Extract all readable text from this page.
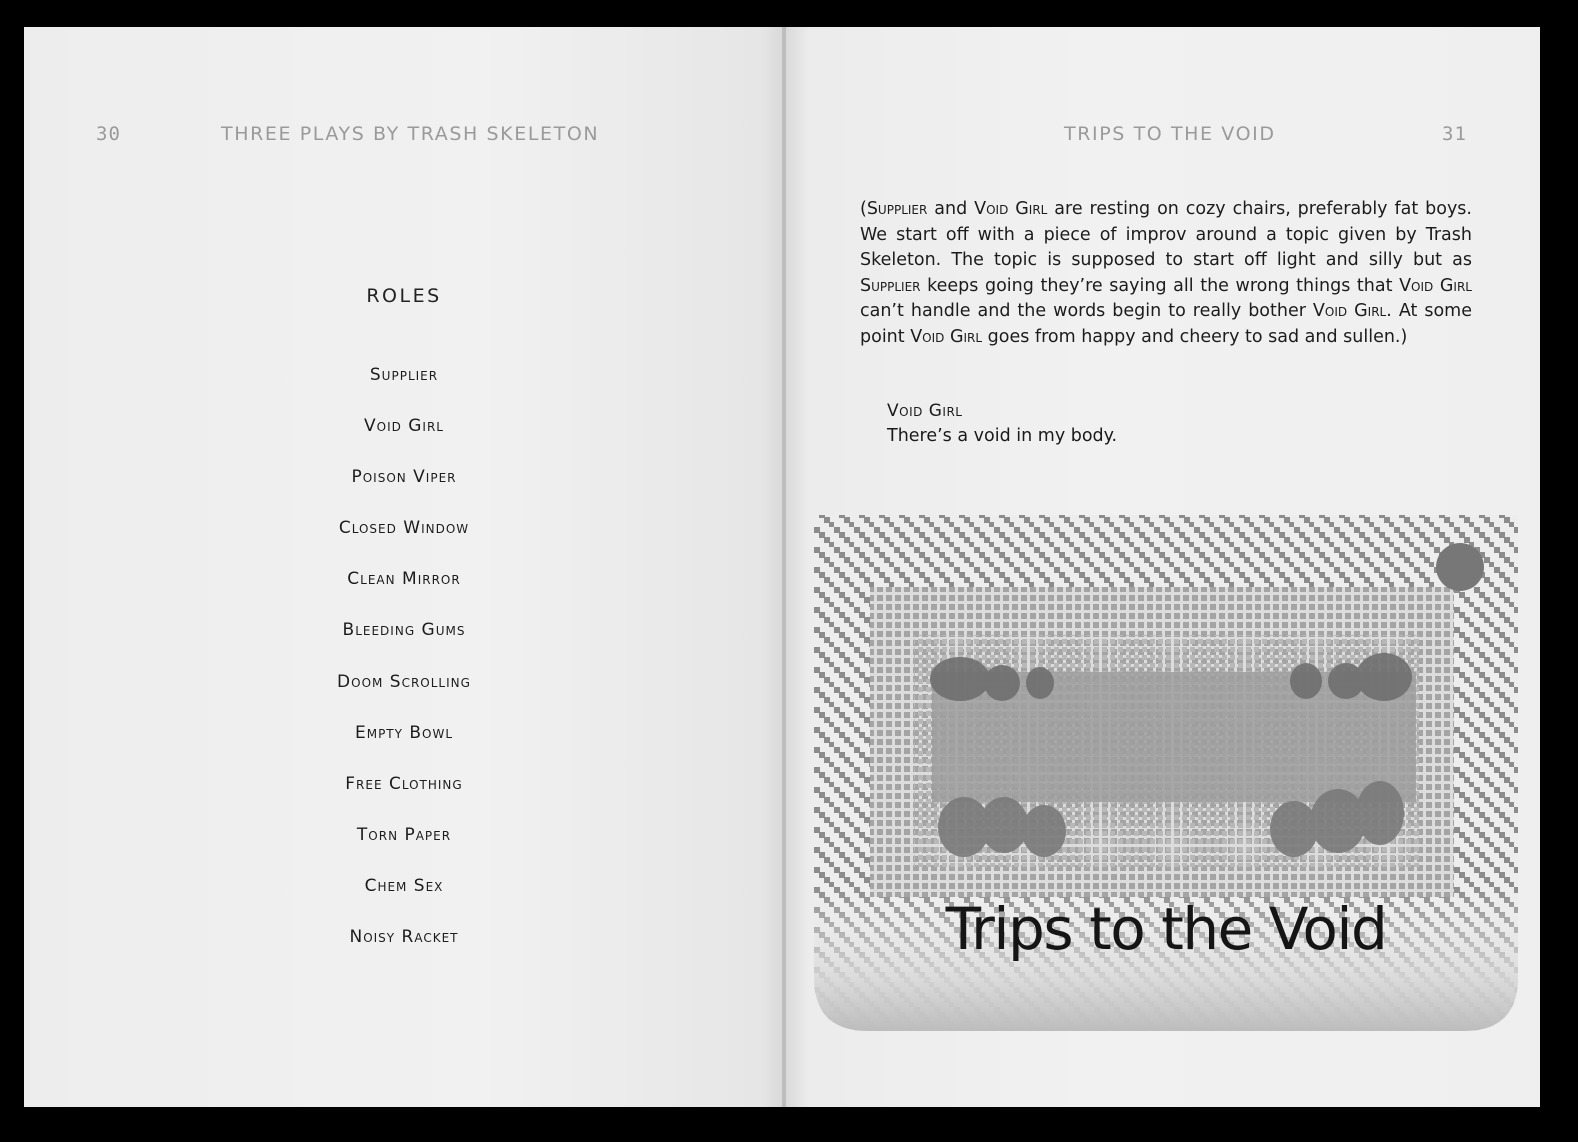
30	THREE PLAYS BY TRASH SKELETON
ROLES
Supplier
Void Girl
Poison Viper
Closed Window
Clean Mirror
Bleeding Gums
Doom Scrolling
Empty Bowl
Free Clothing
Torn Paper
Chem Sex
Noisy Racket
TRIPS TO THE VOID	31

(Supplier and Void Girl are resting on cozy chairs, preferably fat boys. We start off with a piece of improv around a topic given by Trash Skeleton. The topic is supposed to start off light and silly but as Supplier keeps going they’re saying all the wrong things that Void Girl can’t handle and the words begin to really bother Void Girl. At some point Void Girl goes from happy and cheery to sad and sullen.)

Void Girl
There’s a void in my body.
Trips to the Void
